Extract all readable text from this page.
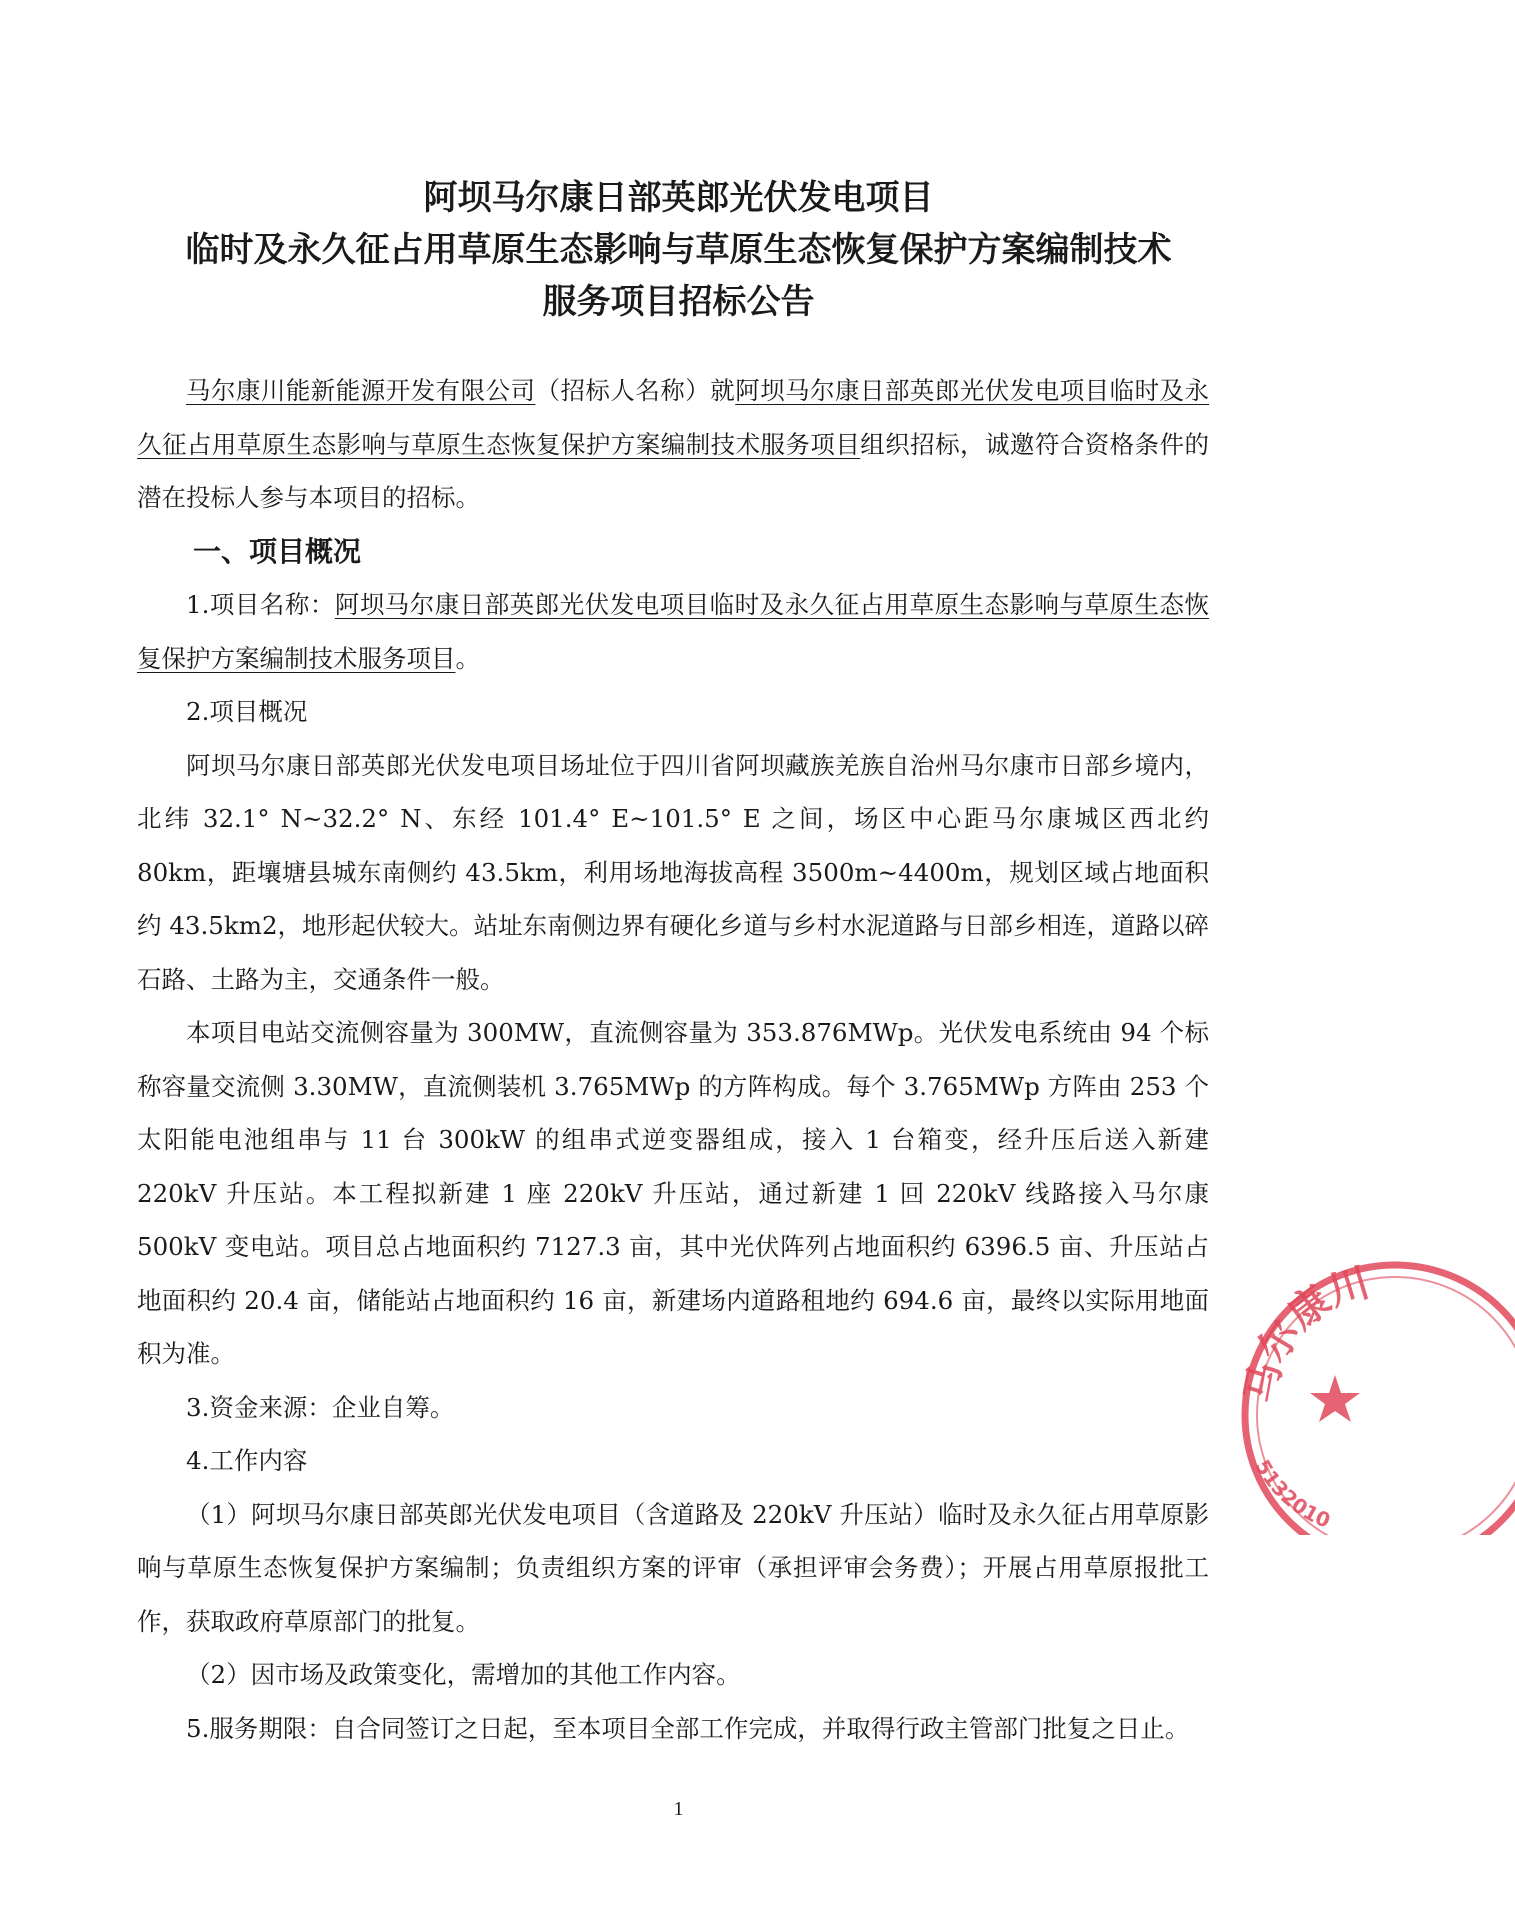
阿坝马尔康日部英郎光伏发电项目
临时及永久征占用草原生态影响与草原生态恢复保护方案编制技术
服务项目招标公告

马尔康川能新能源开发有限公司（招标人名称）就阿坝马尔康日部英郎光伏发电项目临时及永久征占用草原生态影响与草原生态恢复保护方案编制技术服务项目组织招标，诚邀符合资格条件的潜在投标人参与本项目的招标。

一、项目概况

1.项目名称：阿坝马尔康日部英郎光伏发电项目临时及永久征占用草原生态影响与草原生态恢复保护方案编制技术服务项目。

2.项目概况

阿坝马尔康日部英郎光伏发电项目场址位于四川省阿坝藏族羌族自治州马尔康市日部乡境内，北纬 32.1° N~32.2° N、东经 101.4° E~101.5° E 之间，场区中心距马尔康城区西北约 80km，距壤塘县城东南侧约 43.5km，利用场地海拔高程 3500m~4400m，规划区域占地面积约 43.5km2，地形起伏较大。站址东南侧边界有硬化乡道与乡村水泥道路与日部乡相连，道路以碎石路、土路为主，交通条件一般。

本项目电站交流侧容量为 300MW，直流侧容量为 353.876MWp。光伏发电系统由 94 个标称容量交流侧 3.30MW，直流侧装机 3.765MWp 的方阵构成。每个 3.765MWp 方阵由 253 个太阳能电池组串与 11 台 300kW 的组串式逆变器组成，接入 1 台箱变，经升压后送入新建 220kV 升压站。本工程拟新建 1 座 220kV 升压站，通过新建 1 回 220kV 线路接入马尔康 500kV 变电站。项目总占地面积约 7127.3 亩，其中光伏阵列占地面积约 6396.5 亩、升压站占地面积约 20.4 亩，储能站占地面积约 16 亩，新建场内道路租地约 694.6 亩，最终以实际用地面积为准。

3.资金来源：企业自筹。

4.工作内容

（1）阿坝马尔康日部英郎光伏发电项目（含道路及 220kV 升压站）临时及永久征占用草原影响与草原生态恢复保护方案编制；负责组织方案的评审（承担评审会务费）；开展占用草原报批工作，获取政府草原部门的批复。

（2）因市场及政策变化，需增加的其他工作内容。

5.服务期限：自合同签订之日起，至本项目全部工作完成，并取得行政主管部门批复之日止。

1
马尔康川
5132010
